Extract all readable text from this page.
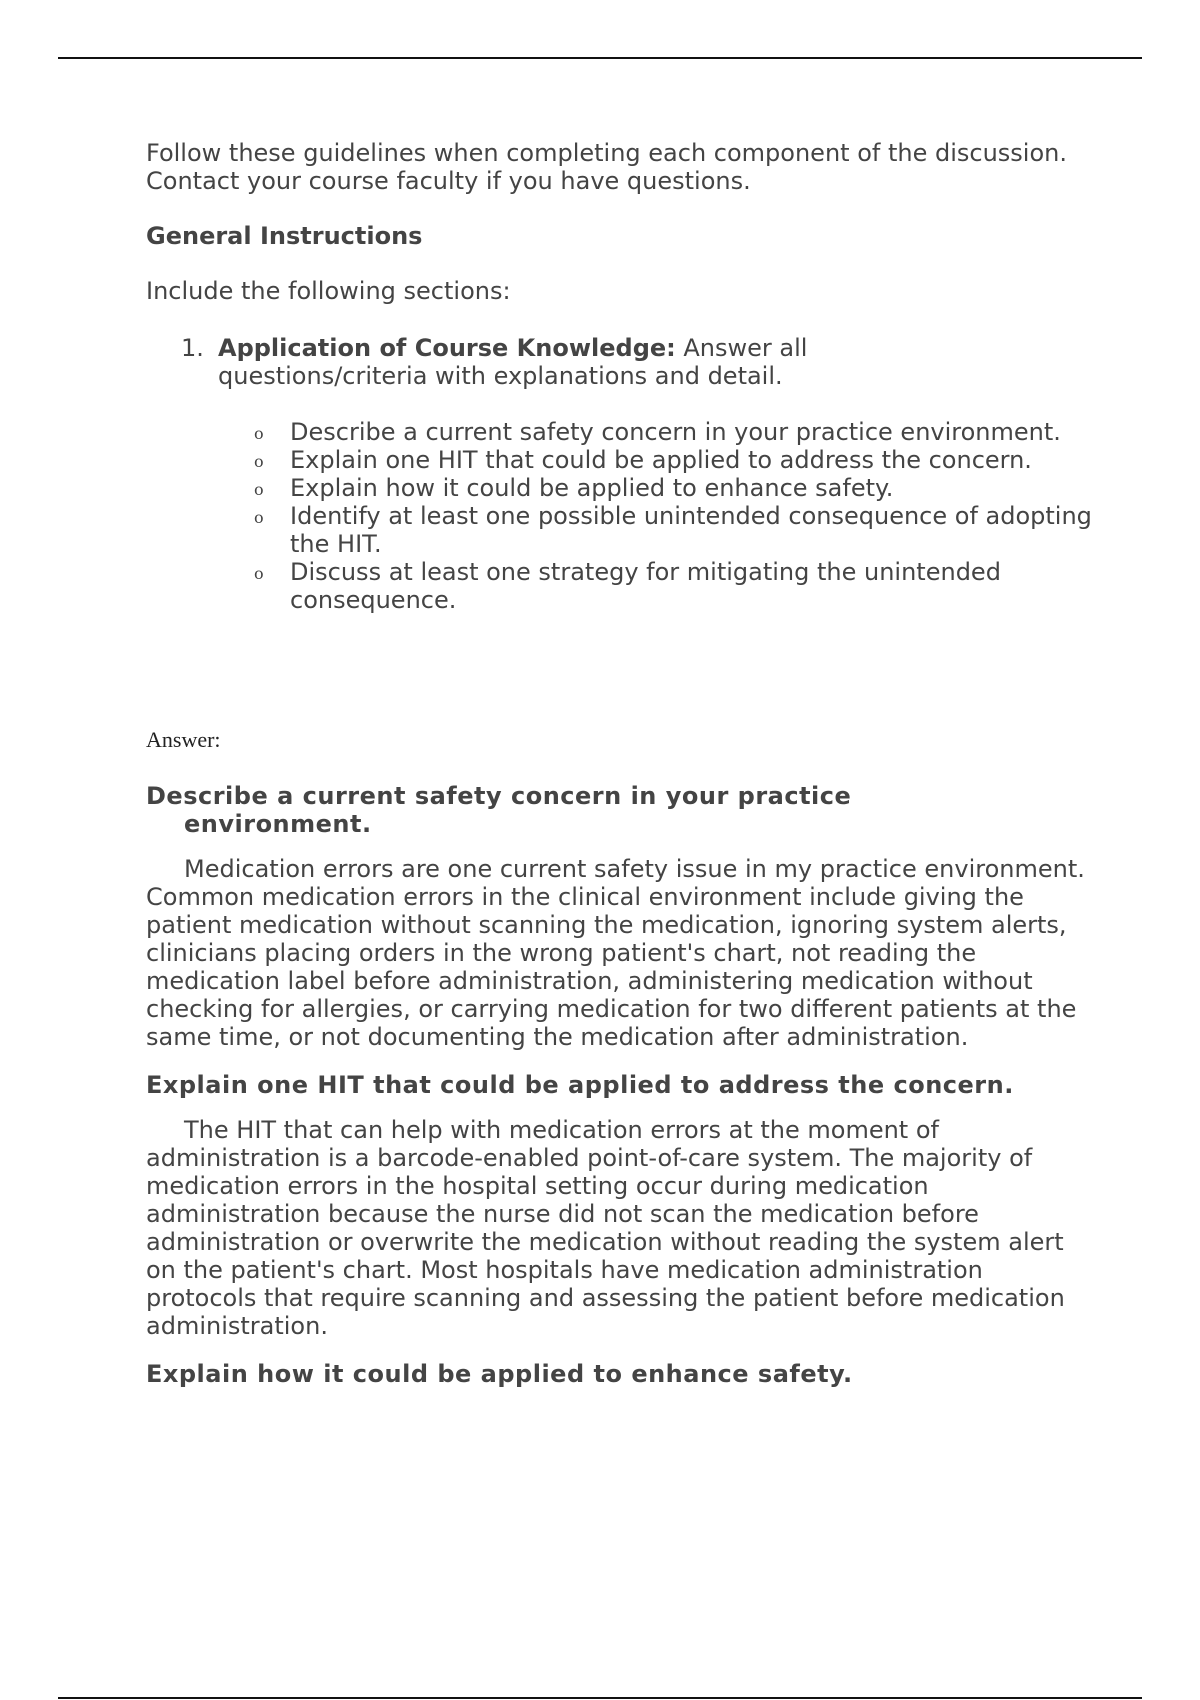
Follow these guidelines when completing each component of the discussion. Contact your course faculty if you have questions.

General Instructions

Include the following sections:

1. Application of Course Knowledge: Answer all questions/criteria with explanations and detail.
o Describe a current safety concern in your practice environment.
o Explain one HIT that could be applied to address the concern.
o Explain how it could be applied to enhance safety.
o Identify at least one possible unintended consequence of adopting the HIT.
o Discuss at least one strategy for mitigating the unintended consequence.

Answer:

Describe a current safety concern in your practice environment.

Medication errors are one current safety issue in my practice environment. Common medication errors in the clinical environment include giving the patient medication without scanning the medication, ignoring system alerts, clinicians placing orders in the wrong patient's chart, not reading the medication label before administration, administering medication without checking for allergies, or carrying medication for two different patients at the same time, or not documenting the medication after administration.

Explain one HIT that could be applied to address the concern.

The HIT that can help with medication errors at the moment of administration is a barcode-enabled point-of-care system. The majority of medication errors in the hospital setting occur during medication administration because the nurse did not scan the medication before administration or overwrite the medication without reading the system alert on the patient's chart. Most hospitals have medication administration protocols that require scanning and assessing the patient before medication administration.

Explain how it could be applied to enhance safety.
